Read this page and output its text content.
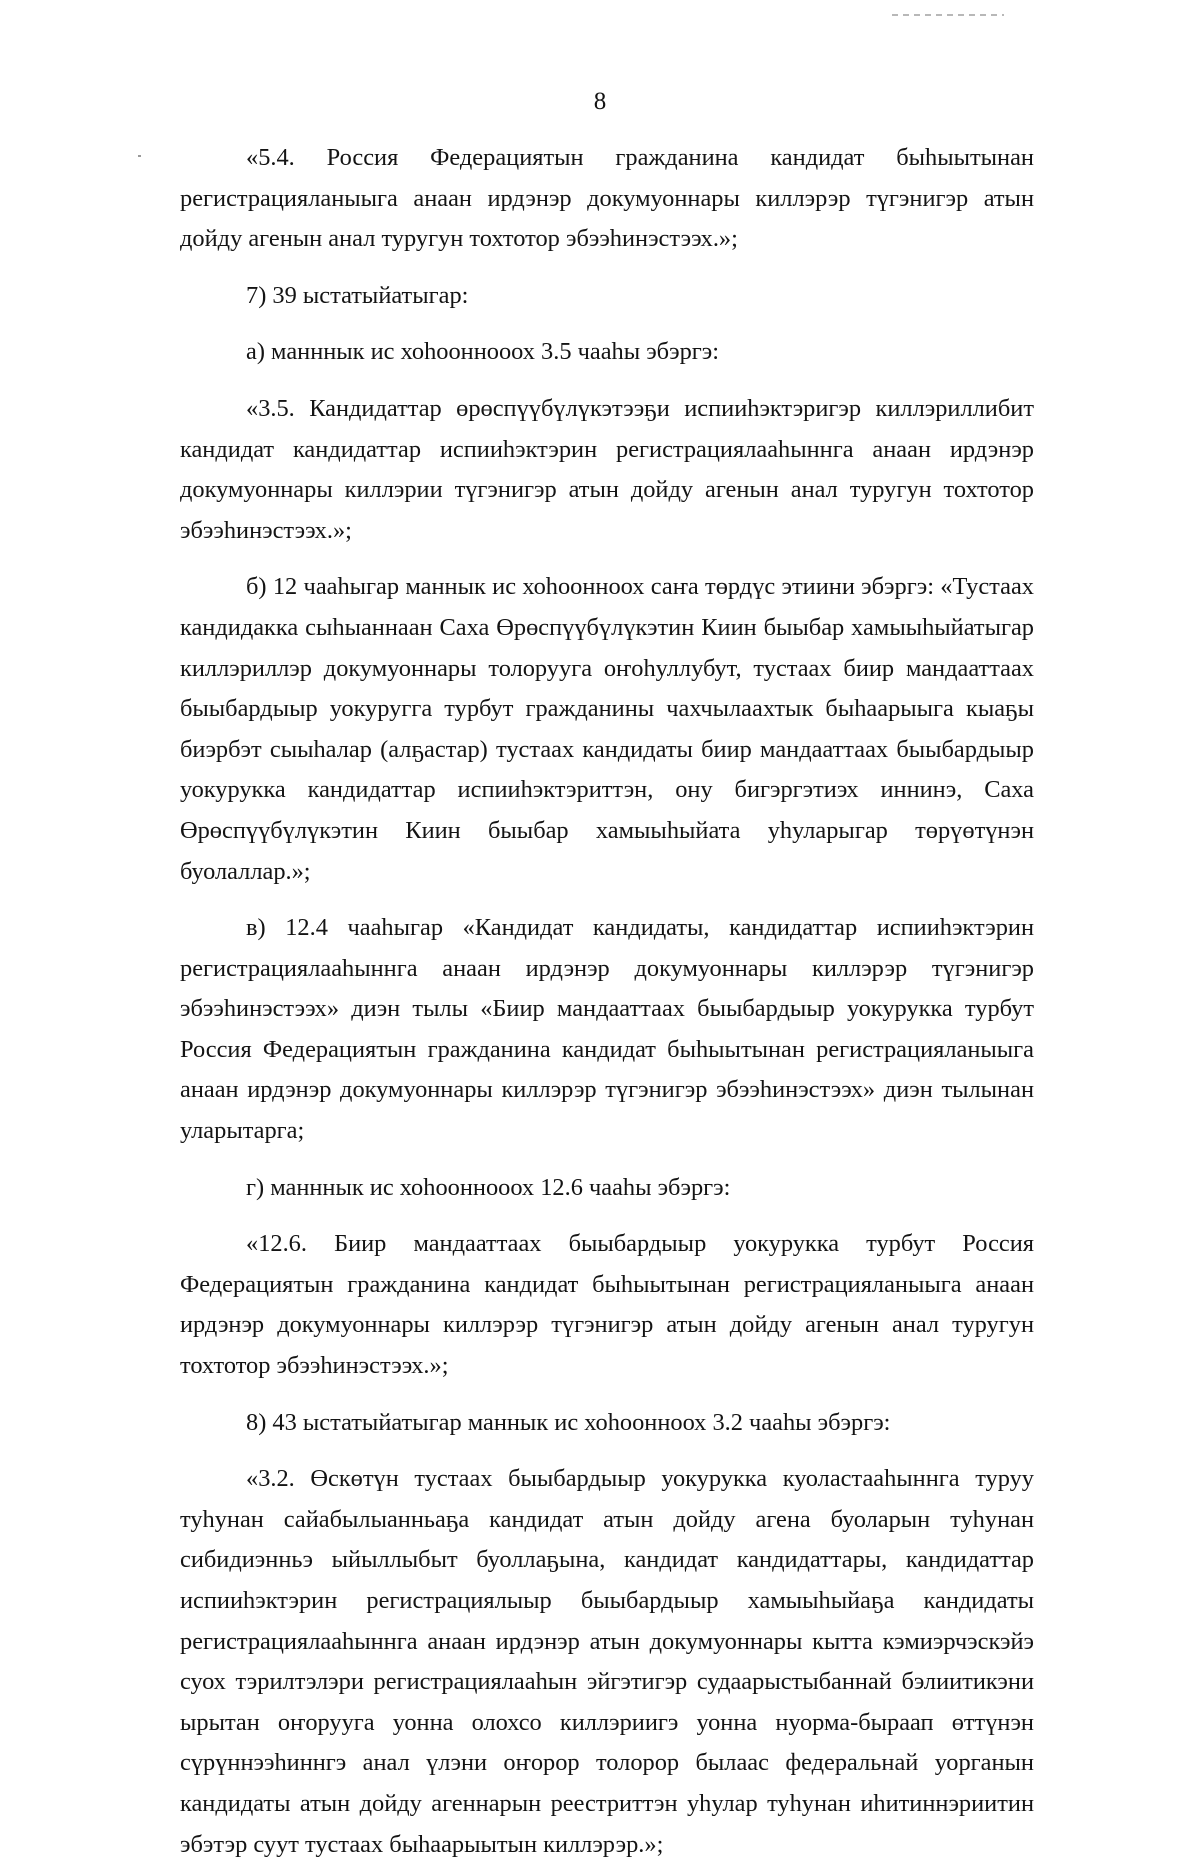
8

«5.4. Россия Федерациятын гражданина кандидат быһыытынан регистрацияланыыга анаан ирдэнэр докумуоннары киллэрэр түгэнигэр атын дойду агенын анал туругун тохтотор эбээһинэстээх.»;

7) 39 ыстатыйатыгар:

а) манннык ис хоһооннооох 3.5 чааһы эбэргэ:

«3.5. Кандидаттар өрөспүүбүлүкэтээҕи испииһэктэригэр киллэриллибит кандидат кандидаттар испииһэктэрин регистрациялааһыннга анаан ирдэнэр докумуоннары киллэрии түгэнигэр атын дойду агенын анал туругун тохтотор эбээһинэстээх.»;

б) 12 чааһыгар маннык ис хоһоонноох саҥа төрдүс этиини эбэргэ: «Тустаах кандидакка сыһыаннаан Саха Өрөспүүбүлүкэтин Киин быыбар хамыыһыйатыгар киллэриллэр докумуоннары толорууга оҥоһуллубут, тустаах биир мандааттаах быыбардыыр уокуругга турбут гражданины чахчылаахтык быһаарыыга кыаҕы биэрбэт сыыһалар (алҕастар) тустаах кандидаты биир мандааттаах быыбардыыр уокурукка кандидаттар испииһэктэриттэн, ону бигэргэтиэх иннинэ, Саха Өрөспүүбүлүкэтин Киин быыбар хамыыһыйата уһуларыгар төрүөтүнэн буолаллар.»;

в) 12.4 чааһыгар «Кандидат кандидаты, кандидаттар испииһэктэрин регистрациялааһыннга анаан ирдэнэр докумуоннары киллэрэр түгэнигэр эбээһинэстээх» диэн тылы «Биир мандааттаах быыбардыыр уокурукка турбут Россия Федерациятын гражданина кандидат быһыытынан регистрацияланыыга анаан ирдэнэр докумуоннары киллэрэр түгэнигэр эбээһинэстээх» диэн тылынан уларытарга;

г) манннык ис хоһооннооох 12.6 чааһы эбэргэ:

«12.6. Биир мандааттаах быыбардыыр уокурукка турбут Россия Федерациятын гражданина кандидат быһыытынан регистрацияланыыга анаан ирдэнэр докумуоннары киллэрэр түгэнигэр атын дойду агенын анал туругун тохтотор эбээһинэстээх.»;

8) 43 ыстатыйатыгар маннык ис хоһоонноох 3.2 чааһы эбэргэ:

«3.2. Өскөтүн тустаах быыбардыыр уокурукка куоластааһыннга туруу туһунан сайабылыанньаҕа кандидат атын дойду агена буоларын туһунан сибидиэнньэ ыйыллыбыт буоллаҕына, кандидат кандидаттары, кандидаттар испииһэктэрин регистрациялыыр быыбардыыр хамыыһыйаҕа кандидаты регистрациялааһыннга анаан ирдэнэр атын докумуоннары кытта кэмиэрчэскэйэ суох тэрилтэлэри регистрациялааһын эйгэтигэр судаарыстыбаннай бэлиитикэни ырытан оҥорууга уонна олохсо киллэриигэ уонна нуорма-быраап өттүнэн сүрүннээһиннгэ анал үлэни оҥорор толорор былаас федеральнай уорганын кандидаты атын дойду агеннарын реестриттэн уһулар туһунан иһитиннэриитин эбэтэр суут тустаах быһаарыытын киллэрэр.»;
